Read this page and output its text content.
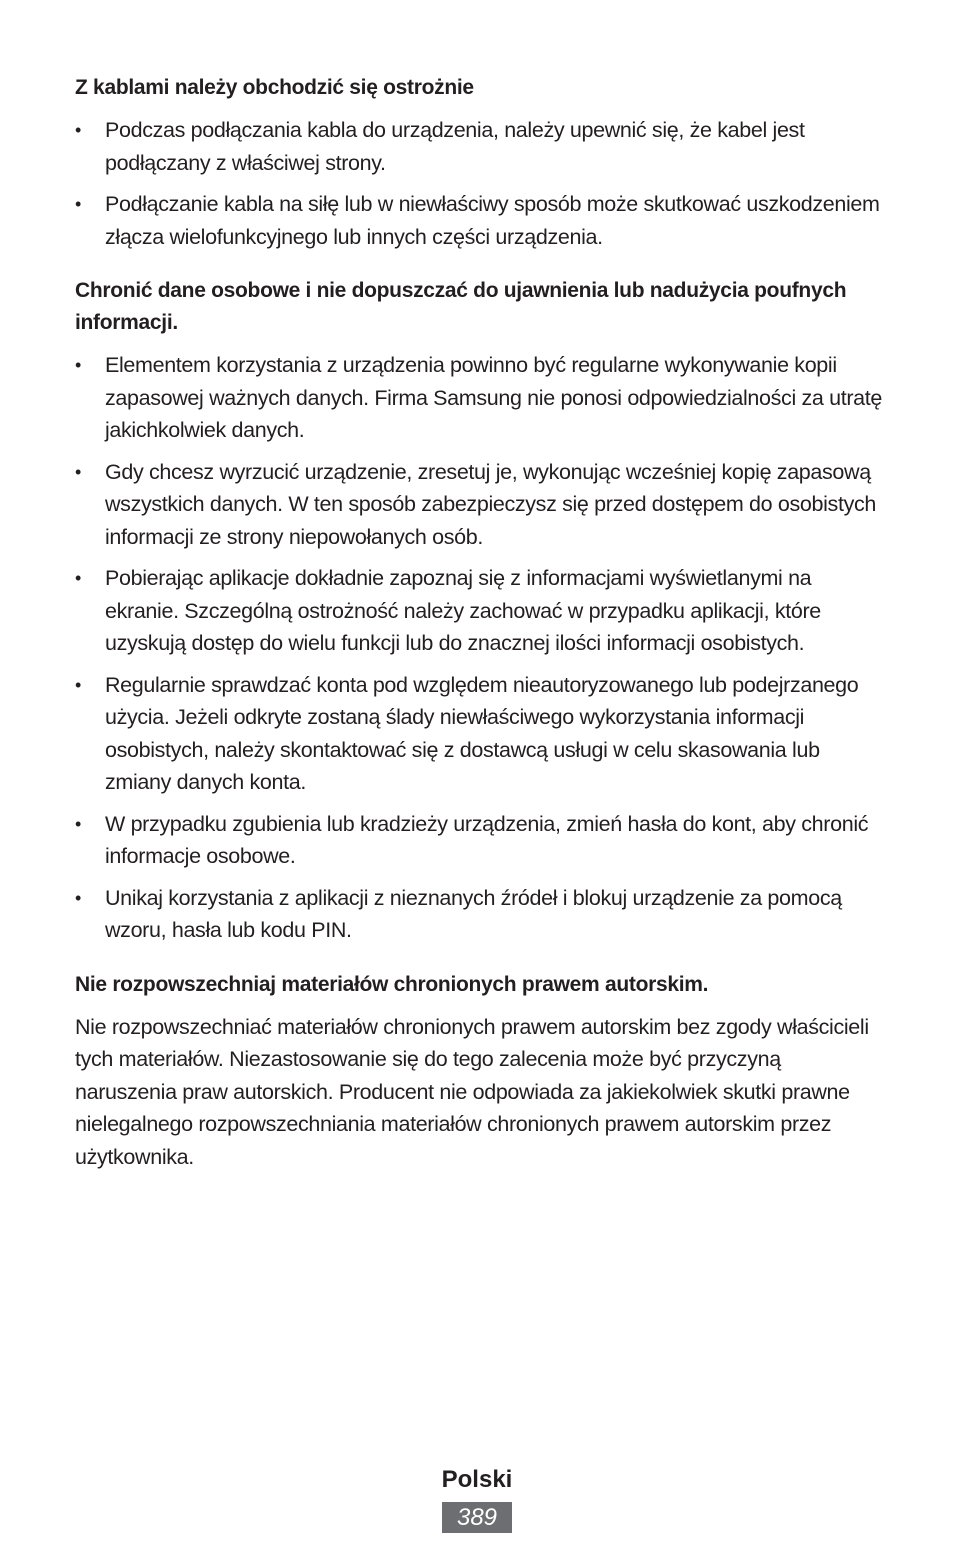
Z kablami należy obchodzić się ostrożnie
• Podczas podłączania kabla do urządzenia, należy upewnić się, że kabel jest podłączany z właściwej strony.
• Podłączanie kabla na siłę lub w niewłaściwy sposób może skutkować uszkodzeniem złącza wielofunkcyjnego lub innych części urządzenia.
Chronić dane osobowe i nie dopuszczać do ujawnienia lub nadużycia poufnych informacji.
• Elementem korzystania z urządzenia powinno być regularne wykonywanie kopii zapasowej ważnych danych. Firma Samsung nie ponosi odpowiedzialności za utratę jakichkolwiek danych.
• Gdy chcesz wyrzucić urządzenie, zresetuj je, wykonując wcześniej kopię zapasową wszystkich danych. W ten sposób zabezpieczysz się przed dostępem do osobistych informacji ze strony niepowołanych osób.
• Pobierając aplikacje dokładnie zapoznaj się z informacjami wyświetlanymi na ekranie. Szczególną ostrożność należy zachować w przypadku aplikacji, które uzyskują dostęp do wielu funkcji lub do znacznej ilości informacji osobistych.
• Regularnie sprawdzać konta pod względem nieautoryzowanego lub podejrzanego użycia. Jeżeli odkryte zostaną ślady niewłaściwego wykorzystania informacji osobistych, należy skontaktować się z dostawcą usługi w celu skasowania lub zmiany danych konta.
• W przypadku zgubienia lub kradzieży urządzenia, zmień hasła do kont, aby chronić informacje osobowe.
• Unikaj korzystania z aplikacji z nieznanych źródeł i blokuj urządzenie za pomocą wzoru, hasła lub kodu PIN.
Nie rozpowszechniaj materiałów chronionych prawem autorskim.

Nie rozpowszechniać materiałów chronionych prawem autorskim bez zgody właścicieli tych materiałów. Niezastosowanie się do tego zalecenia może być przyczyną naruszenia praw autorskich. Producent nie odpowiada za jakiekolwiek skutki prawne nielegalnego rozpowszechniania materiałów chronionych prawem autorskim przez użytkownika.

Polski
389
